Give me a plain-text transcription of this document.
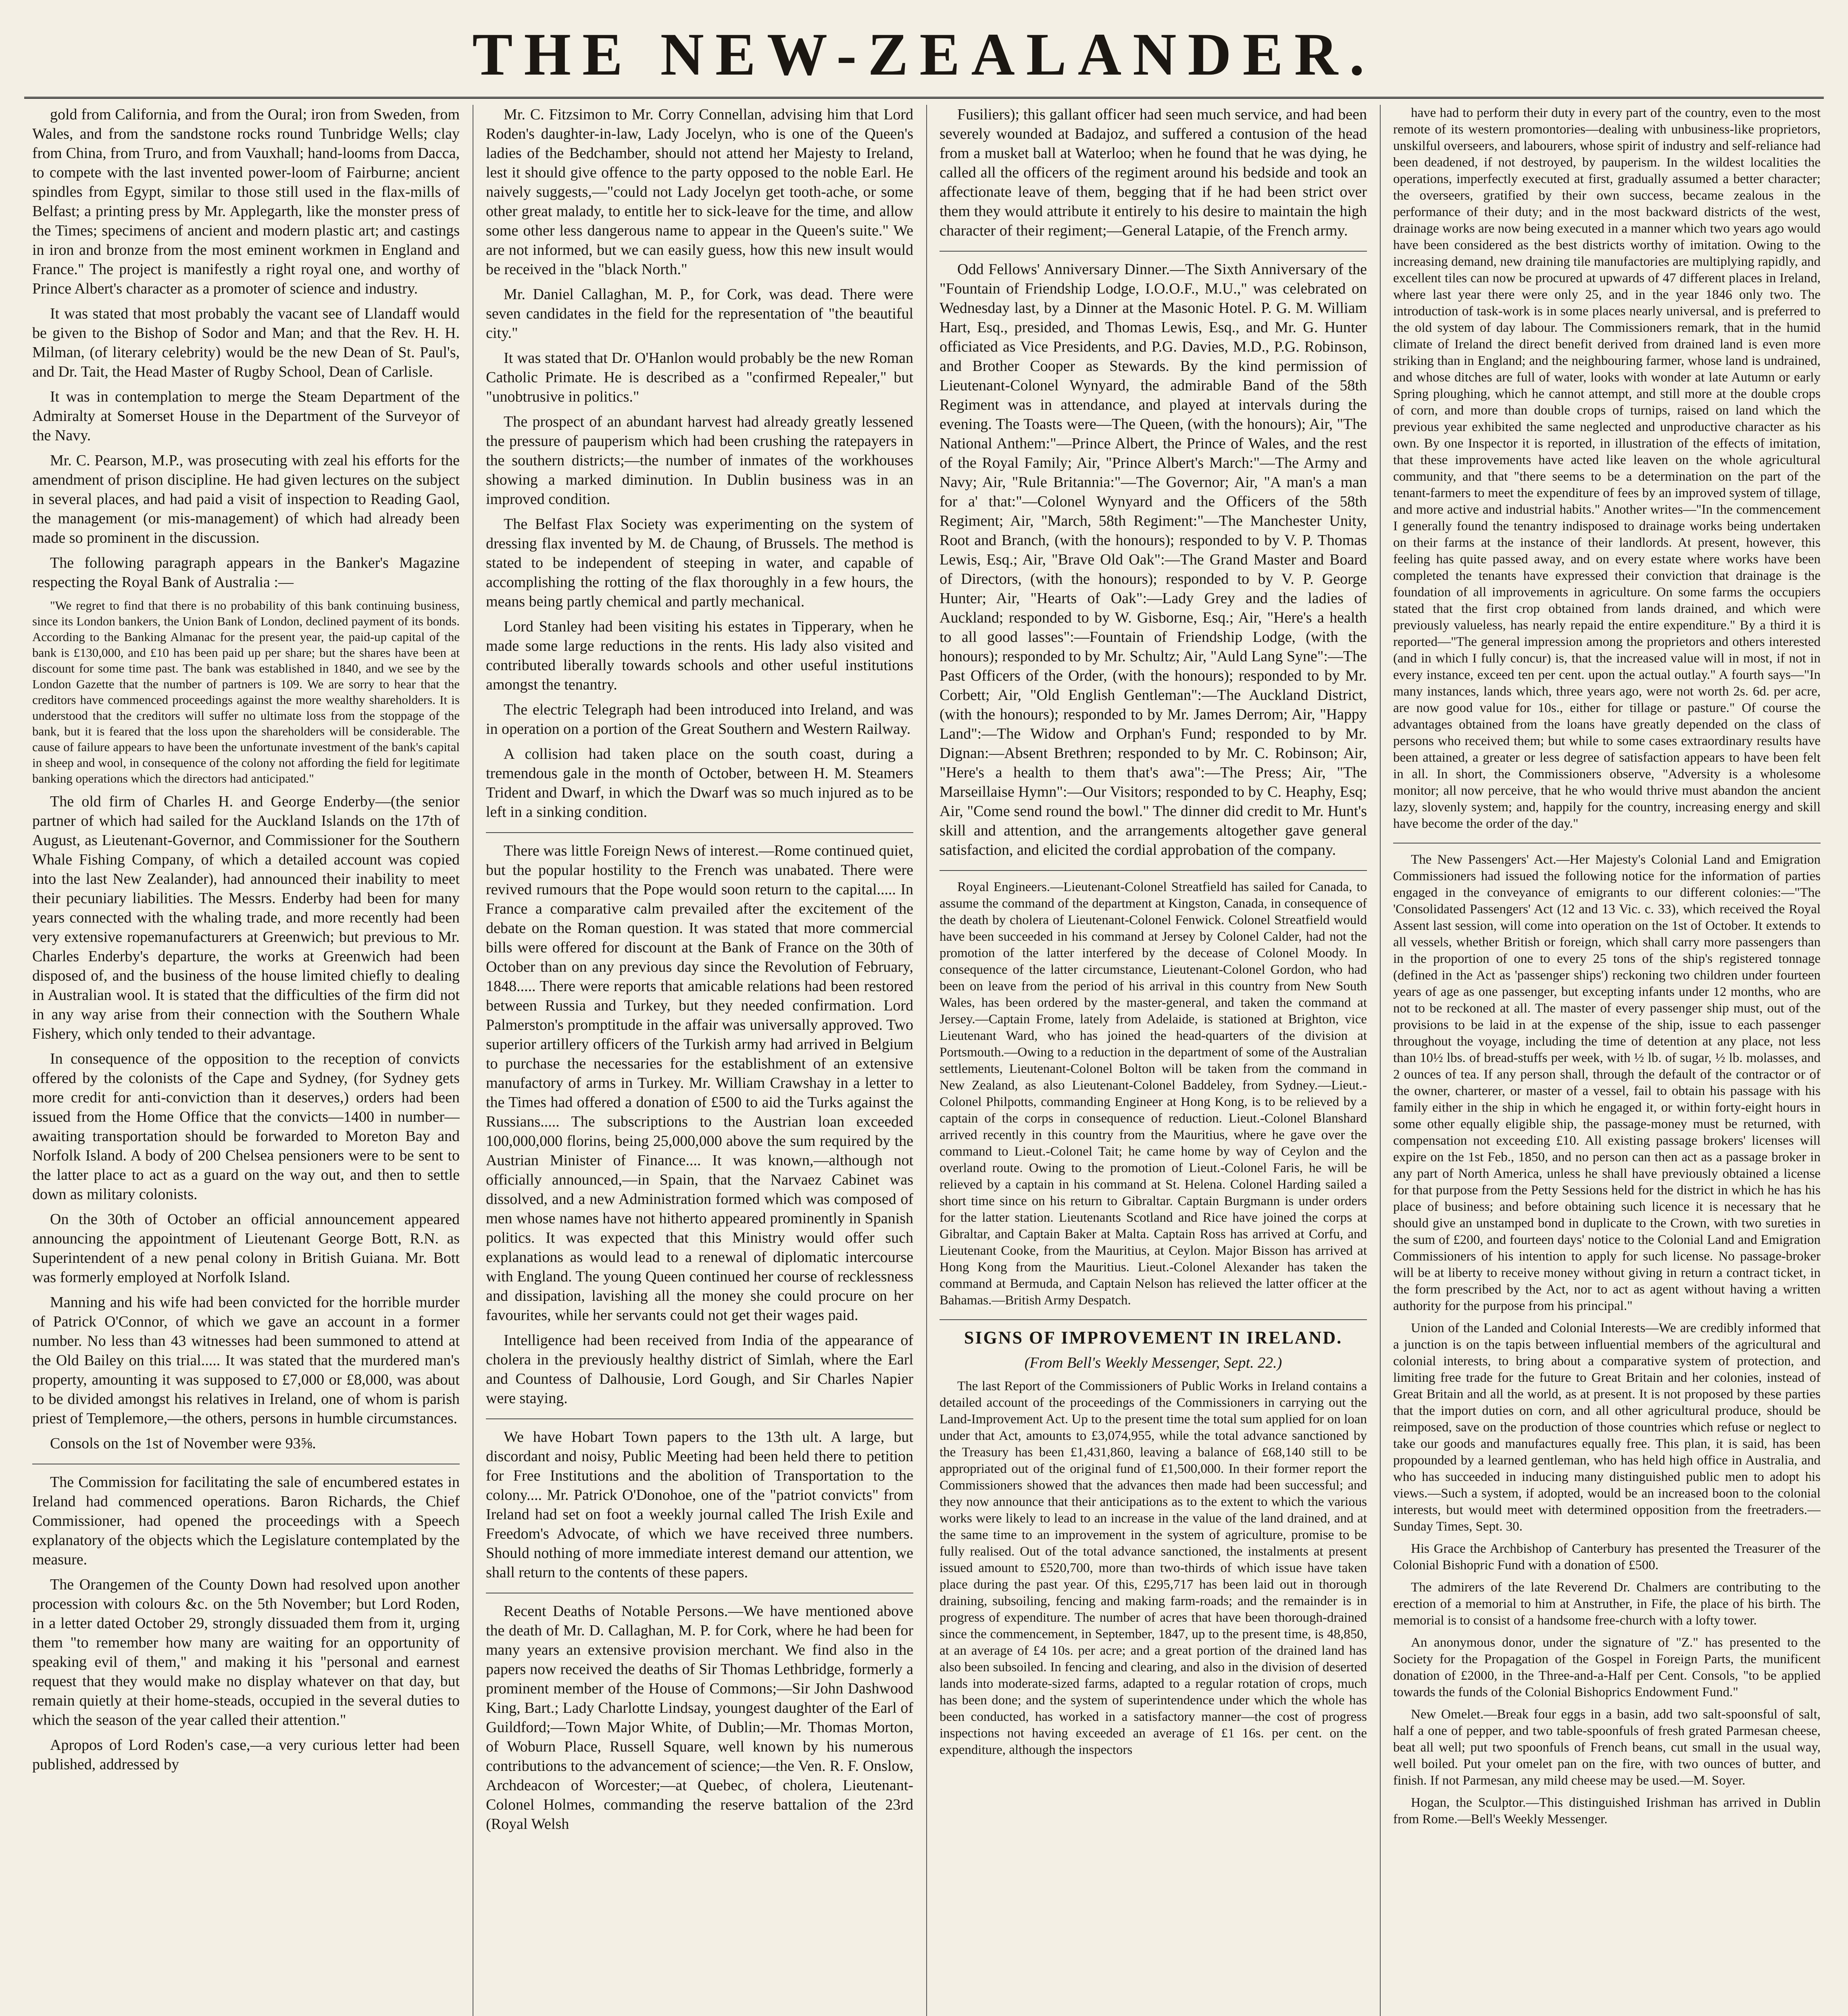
THE NEW-ZEALANDER.

gold from California, and from the Oural; iron from Sweden, from Wales, and from the sandstone rocks round Tunbridge Wells; clay from China, from Truro, and from Vauxhall; hand-looms from Dacca, to compete with the last invented power-loom of Fairburne; ancient spindles from Egypt, similar to those still used in the flax-mills of Belfast; a printing press by Mr. Applegarth, like the monster press of the Times; specimens of ancient and modern plastic art; and castings in iron and bronze from the most eminent workmen in England and France." The project is manifestly a right royal one, and worthy of Prince Albert's character as a promoter of science and industry.

It was stated that most probably the vacant see of Llandaff would be given to the Bishop of Sodor and Man; and that the Rev. H. H. Milman, (of literary celebrity) would be the new Dean of St. Paul's, and Dr. Tait, the Head Master of Rugby School, Dean of Carlisle.

It was in contemplation to merge the Steam Department of the Admiralty at Somerset House in the Department of the Surveyor of the Navy.

Mr. C. Pearson, M.P., was prosecuting with zeal his efforts for the amendment of prison discipline. He had given lectures on the subject in several places, and had paid a visit of inspection to Reading Gaol, the management (or mis-management) of which had already been made so prominent in the discussion.

The following paragraph appears in the Banker's Magazine respecting the Royal Bank of Australia :—

"We regret to find that there is no probability of this bank continuing business, since its London bankers, the Union Bank of London, declined payment of its bonds. According to the Banking Almanac for the present year, the paid-up capital of the bank is £130,000, and £10 has been paid up per share; but the shares have been at discount for some time past. The bank was established in 1840, and we see by the London Gazette that the number of partners is 109. We are sorry to hear that the creditors have commenced proceedings against the more wealthy shareholders. It is understood that the creditors will suffer no ultimate loss from the stoppage of the bank, but it is feared that the loss upon the shareholders will be considerable. The cause of failure appears to have been the unfortunate investment of the bank's capital in sheep and wool, in consequence of the colony not affording the field for legitimate banking operations which the directors had anticipated."

The old firm of Charles H. and George Enderby—(the senior partner of which had sailed for the Auckland Islands on the 17th of August, as Lieutenant-Governor, and Commissioner for the Southern Whale Fishing Company, of which a detailed account was copied into the last New Zealander), had announced their inability to meet their pecuniary liabilities. The Messrs. Enderby had been for many years connected with the whaling trade, and more recently had been very extensive ropemanufacturers at Greenwich; but previous to Mr. Charles Enderby's departure, the works at Greenwich had been disposed of, and the business of the house limited chiefly to dealing in Australian wool. It is stated that the difficulties of the firm did not in any way arise from their connection with the Southern Whale Fishery, which only tended to their advantage.

In consequence of the opposition to the reception of convicts offered by the colonists of the Cape and Sydney, (for Sydney gets more credit for anti-conviction than it deserves,) orders had been issued from the Home Office that the convicts—1400 in number—awaiting transportation should be forwarded to Moreton Bay and Norfolk Island. A body of 200 Chelsea pensioners were to be sent to the latter place to act as a guard on the way out, and then to settle down as military colonists.

On the 30th of October an official announcement appeared announcing the appointment of Lieutenant George Bott, R.N. as Superintendent of a new penal colony in British Guiana. Mr. Bott was formerly employed at Norfolk Island.

Manning and his wife had been convicted for the horrible murder of Patrick O'Connor, of which we gave an account in a former number. No less than 43 witnesses had been summoned to attend at the Old Bailey on this trial..... It was stated that the murdered man's property, amounting it was supposed to £7,000 or £8,000, was about to be divided amongst his relatives in Ireland, one of whom is parish priest of Templemore,—the others, persons in humble circumstances.

Consols on the 1st of November were 93⅝.

The Commission for facilitating the sale of encumbered estates in Ireland had commenced operations. Baron Richards, the Chief Commissioner, had opened the proceedings with a Speech explanatory of the objects which the Legislature contemplated by the measure.

The Orangemen of the County Down had resolved upon another procession with colours &c. on the 5th November; but Lord Roden, in a letter dated October 29, strongly dissuaded them from it, urging them "to remember how many are waiting for an opportunity of speaking evil of them," and making it his "personal and earnest request that they would make no display whatever on that day, but remain quietly at their home-steads, occupied in the several duties to which the season of the year called their attention."

Apropos of Lord Roden's case,—a very curious letter had been published, addressed by

Mr. C. Fitzsimon to Mr. Corry Connellan, advising him that Lord Roden's daughter-in-law, Lady Jocelyn, who is one of the Queen's ladies of the Bedchamber, should not attend her Majesty to Ireland, lest it should give offence to the party opposed to the noble Earl. He naively suggests,—"could not Lady Jocelyn get tooth-ache, or some other great malady, to entitle her to sick-leave for the time, and allow some other less dangerous name to appear in the Queen's suite." We are not informed, but we can easily guess, how this new insult would be received in the "black North."

Mr. Daniel Callaghan, M. P., for Cork, was dead. There were seven candidates in the field for the representation of "the beautiful city."

It was stated that Dr. O'Hanlon would probably be the new Roman Catholic Primate. He is described as a "confirmed Repealer," but "unobtrusive in politics."

The prospect of an abundant harvest had already greatly lessened the pressure of pauperism which had been crushing the ratepayers in the southern districts;—the number of inmates of the workhouses showing a marked diminution. In Dublin business was in an improved condition.

The Belfast Flax Society was experimenting on the system of dressing flax invented by M. de Chaung, of Brussels. The method is stated to be independent of steeping in water, and capable of accomplishing the rotting of the flax thoroughly in a few hours, the means being partly chemical and partly mechanical.

Lord Stanley had been visiting his estates in Tipperary, when he made some large reductions in the rents. His lady also visited and contributed liberally towards schools and other useful institutions amongst the tenantry.

The electric Telegraph had been introduced into Ireland, and was in operation on a portion of the Great Southern and Western Railway.

A collision had taken place on the south coast, during a tremendous gale in the month of October, between H. M. Steamers Trident and Dwarf, in which the Dwarf was so much injured as to be left in a sinking condition.

There was little Foreign News of interest.—Rome continued quiet, but the popular hostility to the French was unabated. There were revived rumours that the Pope would soon return to the capital..... In France a comparative calm prevailed after the excitement of the debate on the Roman question. It was stated that more commercial bills were offered for discount at the Bank of France on the 30th of October than on any previous day since the Revolution of February, 1848..... There were reports that amicable relations had been restored between Russia and Turkey, but they needed confirmation. Lord Palmerston's promptitude in the affair was universally approved. Two superior artillery officers of the Turkish army had arrived in Belgium to purchase the necessaries for the establishment of an extensive manufactory of arms in Turkey. Mr. William Crawshay in a letter to the Times had offered a donation of £500 to aid the Turks against the Russians..... The subscriptions to the Austrian loan exceeded 100,000,000 florins, being 25,000,000 above the sum required by the Austrian Minister of Finance.... It was known,—although not officially announced,—in Spain, that the Narvaez Cabinet was dissolved, and a new Administration formed which was composed of men whose names have not hitherto appeared prominently in Spanish politics. It was expected that this Ministry would offer such explanations as would lead to a renewal of diplomatic intercourse with England. The young Queen continued her course of recklessness and dissipation, lavishing all the money she could procure on her favourites, while her servants could not get their wages paid.

Intelligence had been received from India of the appearance of cholera in the previously healthy district of Simlah, where the Earl and Countess of Dalhousie, Lord Gough, and Sir Charles Napier were staying.

We have Hobart Town papers to the 13th ult. A large, but discordant and noisy, Public Meeting had been held there to petition for Free Institutions and the abolition of Transportation to the colony.... Mr. Patrick O'Donohoe, one of the "patriot convicts" from Ireland had set on foot a weekly journal called The Irish Exile and Freedom's Advocate, of which we have received three numbers. Should nothing of more immediate interest demand our attention, we shall return to the contents of these papers.

Recent Deaths of Notable Persons.—We have mentioned above the death of Mr. D. Callaghan, M. P. for Cork, where he had been for many years an extensive provision merchant. We find also in the papers now received the deaths of Sir Thomas Lethbridge, formerly a prominent member of the House of Commons;—Sir John Dashwood King, Bart.; Lady Charlotte Lindsay, youngest daughter of the Earl of Guildford;—Town Major White, of Dublin;—Mr. Thomas Morton, of Woburn Place, Russell Square, well known by his numerous contributions to the advancement of science;—the Ven. R. F. Onslow, Archdeacon of Worcester;—at Quebec, of cholera, Lieutenant-Colonel Holmes, commanding the reserve battalion of the 23rd (Royal Welsh

Fusiliers); this gallant officer had seen much service, and had been severely wounded at Badajoz, and suffered a contusion of the head from a musket ball at Waterloo; when he found that he was dying, he called all the officers of the regiment around his bedside and took an affectionate leave of them, begging that if he had been strict over them they would attribute it entirely to his desire to maintain the high character of their regiment;—General Latapie, of the French army.

Odd Fellows' Anniversary Dinner.—The Sixth Anniversary of the "Fountain of Friendship Lodge, I.O.O.F., M.U.," was celebrated on Wednesday last, by a Dinner at the Masonic Hotel. P. G. M. William Hart, Esq., presided, and Thomas Lewis, Esq., and Mr. G. Hunter officiated as Vice Presidents, and P.G. Davies, M.D., P.G. Robinson, and Brother Cooper as Stewards. By the kind permission of Lieutenant-Colonel Wynyard, the admirable Band of the 58th Regiment was in attendance, and played at intervals during the evening. The Toasts were—The Queen, (with the honours); Air, "The National Anthem:"—Prince Albert, the Prince of Wales, and the rest of the Royal Family; Air, "Prince Albert's March:"—The Army and Navy; Air, "Rule Britannia:"—The Governor; Air, "A man's a man for a' that:"—Colonel Wynyard and the Officers of the 58th Regiment; Air, "March, 58th Regiment:"—The Manchester Unity, Root and Branch, (with the honours); responded to by V. P. Thomas Lewis, Esq.; Air, "Brave Old Oak":—The Grand Master and Board of Directors, (with the honours); responded to by V. P. George Hunter; Air, "Hearts of Oak":—Lady Grey and the ladies of Auckland; responded to by W. Gisborne, Esq.; Air, "Here's a health to all good lasses":—Fountain of Friendship Lodge, (with the honours); responded to by Mr. Schultz; Air, "Auld Lang Syne":—The Past Officers of the Order, (with the honours); responded to by Mr. Corbett; Air, "Old English Gentleman":—The Auckland District, (with the honours); responded to by Mr. James Derrom; Air, "Happy Land":—The Widow and Orphan's Fund; responded to by Mr. Dignan:—Absent Brethren; responded to by Mr. C. Robinson; Air, "Here's a health to them that's awa":—The Press; Air, "The Marseillaise Hymn":—Our Visitors; responded to by C. Heaphy, Esq; Air, "Come send round the bowl." The dinner did credit to Mr. Hunt's skill and attention, and the arrangements altogether gave general satisfaction, and elicited the cordial approbation of the company.

Royal Engineers.—Lieutenant-Colonel Streatfield has sailed for Canada, to assume the command of the department at Kingston, Canada, in consequence of the death by cholera of Lieutenant-Colonel Fenwick. Colonel Streatfield would have been succeeded in his command at Jersey by Colonel Calder, had not the promotion of the latter interfered by the decease of Colonel Moody. In consequence of the latter circumstance, Lieutenant-Colonel Gordon, who had been on leave from the period of his arrival in this country from New South Wales, has been ordered by the master-general, and taken the command at Jersey.—Captain Frome, lately from Adelaide, is stationed at Brighton, vice Lieutenant Ward, who has joined the head-quarters of the division at Portsmouth.—Owing to a reduction in the department of some of the Australian settlements, Lieutenant-Colonel Bolton will be taken from the command in New Zealand, as also Lieutenant-Colonel Baddeley, from Sydney.—Lieut.-Colonel Philpotts, commanding Engineer at Hong Kong, is to be relieved by a captain of the corps in consequence of reduction. Lieut.-Colonel Blanshard arrived recently in this country from the Mauritius, where he gave over the command to Lieut.-Colonel Tait; he came home by way of Ceylon and the overland route. Owing to the promotion of Lieut.-Colonel Faris, he will be relieved by a captain in his command at St. Helena. Colonel Harding sailed a short time since on his return to Gibraltar. Captain Burgmann is under orders for the latter station. Lieutenants Scotland and Rice have joined the corps at Gibraltar, and Captain Baker at Malta. Captain Ross has arrived at Corfu, and Lieutenant Cooke, from the Mauritius, at Ceylon. Major Bisson has arrived at Hong Kong from the Mauritius. Lieut.-Colonel Alexander has taken the command at Bermuda, and Captain Nelson has relieved the latter officer at the Bahamas.—British Army Despatch.

SIGNS OF IMPROVEMENT IN IRELAND.

(From Bell's Weekly Messenger, Sept. 22.)

The last Report of the Commissioners of Public Works in Ireland contains a detailed account of the proceedings of the Commissioners in carrying out the Land-Improvement Act. Up to the present time the total sum applied for on loan under that Act, amounts to £3,074,955, while the total advance sanctioned by the Treasury has been £1,431,860, leaving a balance of £68,140 still to be appropriated out of the original fund of £1,500,000. In their former report the Commissioners showed that the advances then made had been successful; and they now announce that their anticipations as to the extent to which the various works were likely to lead to an increase in the value of the land drained, and at the same time to an improvement in the system of agriculture, promise to be fully realised. Out of the total advance sanctioned, the instalments at present issued amount to £520,700, more than two-thirds of which issue have taken place during the past year. Of this, £295,717 has been laid out in thorough draining, subsoiling, fencing and making farm-roads; and the remainder is in progress of expenditure. The number of acres that have been thorough-drained since the commencement, in September, 1847, up to the present time, is 48,850, at an average of £4 10s. per acre; and a great portion of the drained land has also been subsoiled. In fencing and clearing, and also in the division of deserted lands into moderate-sized farms, adapted to a regular rotation of crops, much has been done; and the system of superintendence under which the whole has been conducted, has worked in a satisfactory manner—the cost of progress inspections not having exceeded an average of £1 16s. per cent. on the expenditure, although the inspectors

have had to perform their duty in every part of the country, even to the most remote of its western promontories—dealing with unbusiness-like proprietors, unskilful overseers, and labourers, whose spirit of industry and self-reliance had been deadened, if not destroyed, by pauperism. In the wildest localities the operations, imperfectly executed at first, gradually assumed a better character; the overseers, gratified by their own success, became zealous in the performance of their duty; and in the most backward districts of the west, drainage works are now being executed in a manner which two years ago would have been considered as the best districts worthy of imitation. Owing to the increasing demand, new draining tile manufactories are multiplying rapidly, and excellent tiles can now be procured at upwards of 47 different places in Ireland, where last year there were only 25, and in the year 1846 only two. The introduction of task-work is in some places nearly universal, and is preferred to the old system of day labour. The Commissioners remark, that in the humid climate of Ireland the direct benefit derived from drained land is even more striking than in England; and the neighbouring farmer, whose land is undrained, and whose ditches are full of water, looks with wonder at late Autumn or early Spring ploughing, which he cannot attempt, and still more at the double crops of corn, and more than double crops of turnips, raised on land which the previous year exhibited the same neglected and unproductive character as his own. By one Inspector it is reported, in illustration of the effects of imitation, that these improvements have acted like leaven on the whole agricultural community, and that "there seems to be a determination on the part of the tenant-farmers to meet the expenditure of fees by an improved system of tillage, and more active and industrial habits." Another writes—"In the commencement I generally found the tenantry indisposed to drainage works being undertaken on their farms at the instance of their landlords. At present, however, this feeling has quite passed away, and on every estate where works have been completed the tenants have expressed their conviction that drainage is the foundation of all improvements in agriculture. On some farms the occupiers stated that the first crop obtained from lands drained, and which were previously valueless, has nearly repaid the entire expenditure." By a third it is reported—"The general impression among the proprietors and others interested (and in which I fully concur) is, that the increased value will in most, if not in every instance, exceed ten per cent. upon the actual outlay." A fourth says—"In many instances, lands which, three years ago, were not worth 2s. 6d. per acre, are now good value for 10s., either for tillage or pasture." Of course the advantages obtained from the loans have greatly depended on the class of persons who received them; but while to some cases extraordinary results have been attained, a greater or less degree of satisfaction appears to have been felt in all. In short, the Commissioners observe, "Adversity is a wholesome monitor; all now perceive, that he who would thrive must abandon the ancient lazy, slovenly system; and, happily for the country, increasing energy and skill have become the order of the day."

The New Passengers' Act.—Her Majesty's Colonial Land and Emigration Commissioners had issued the following notice for the information of parties engaged in the conveyance of emigrants to our different colonies:—"The 'Consolidated Passengers' Act (12 and 13 Vic. c. 33), which received the Royal Assent last session, will come into operation on the 1st of October. It extends to all vessels, whether British or foreign, which shall carry more passengers than in the proportion of one to every 25 tons of the ship's registered tonnage (defined in the Act as 'passenger ships') reckoning two children under fourteen years of age as one passenger, but excepting infants under 12 months, who are not to be reckoned at all. The master of every passenger ship must, out of the provisions to be laid in at the expense of the ship, issue to each passenger throughout the voyage, including the time of detention at any place, not less than 10½ lbs. of bread-stuffs per week, with ½ lb. of sugar, ½ lb. molasses, and 2 ounces of tea. If any person shall, through the default of the contractor or of the owner, charterer, or master of a vessel, fail to obtain his passage with his family either in the ship in which he engaged it, or within forty-eight hours in some other equally eligible ship, the passage-money must be returned, with compensation not exceeding £10. All existing passage brokers' licenses will expire on the 1st Feb., 1850, and no person can then act as a passage broker in any part of North America, unless he shall have previously obtained a license for that purpose from the Petty Sessions held for the district in which he has his place of business; and before obtaining such licence it is necessary that he should give an unstamped bond in duplicate to the Crown, with two sureties in the sum of £200, and fourteen days' notice to the Colonial Land and Emigration Commissioners of his intention to apply for such license. No passage-broker will be at liberty to receive money without giving in return a contract ticket, in the form prescribed by the Act, nor to act as agent without having a written authority for the purpose from his principal."

Union of the Landed and Colonial Interests—We are credibly informed that a junction is on the tapis between influential members of the agricultural and colonial interests, to bring about a comparative system of protection, and limiting free trade for the future to Great Britain and her colonies, instead of Great Britain and all the world, as at present. It is not proposed by these parties that the import duties on corn, and all other agricultural produce, should be reimposed, save on the production of those countries which refuse or neglect to take our goods and manufactures equally free. This plan, it is said, has been propounded by a learned gentleman, who has held high office in Australia, and who has succeeded in inducing many distinguished public men to adopt his views.—Such a system, if adopted, would be an increased boon to the colonial interests, but would meet with determined opposition from the freetraders.—Sunday Times, Sept. 30.

His Grace the Archbishop of Canterbury has presented the Treasurer of the Colonial Bishopric Fund with a donation of £500.

The admirers of the late Reverend Dr. Chalmers are contributing to the erection of a memorial to him at Anstruther, in Fife, the place of his birth. The memorial is to consist of a handsome free-church with a lofty tower.

An anonymous donor, under the signature of "Z." has presented to the Society for the Propagation of the Gospel in Foreign Parts, the munificent donation of £2000, in the Three-and-a-Half per Cent. Consols, "to be applied towards the funds of the Colonial Bishoprics Endowment Fund."

New Omelet.—Break four eggs in a basin, add two salt-spoonsful of salt, half a one of pepper, and two table-spoonfuls of fresh grated Parmesan cheese, beat all well; put two spoonfuls of French beans, cut small in the usual way, well boiled. Put your omelet pan on the fire, with two ounces of butter, and finish. If not Parmesan, any mild cheese may be used.—M. Soyer.

Hogan, the Sculptor.—This distinguished Irishman has arrived in Dublin from Rome.—Bell's Weekly Messenger.
